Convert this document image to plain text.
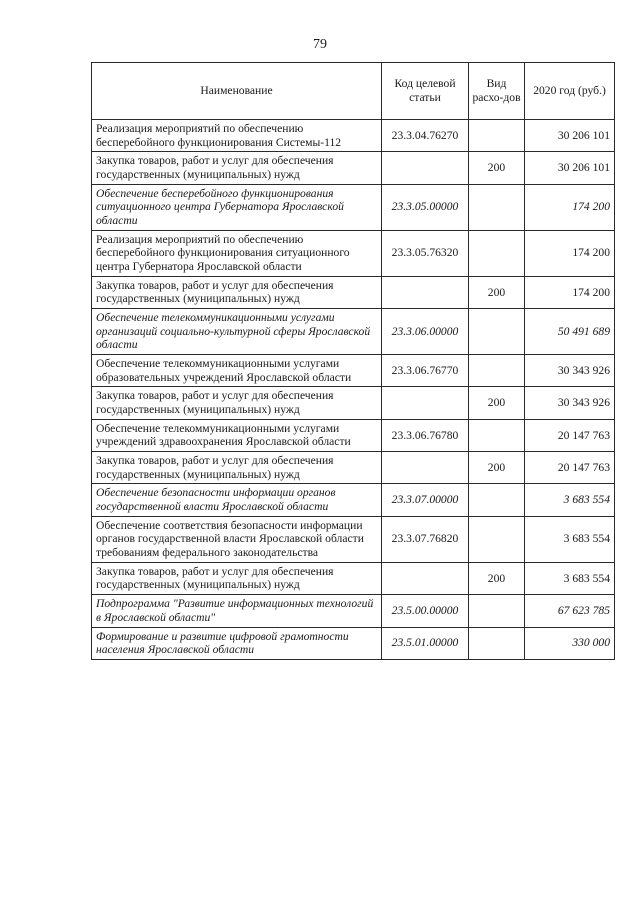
79
Наименование	Код целевой статьи	Вид расхо-дов	2020 год (руб.)
Реализация мероприятий по обеспечению бесперебойного функционирования Системы-112	23.3.04.76270		30 206 101
Закупка товаров, работ и услуг для обеспечения государственных (муниципальных) нужд		200	30 206 101
Обеспечение бесперебойного функционирования ситуационного центра Губернатора Ярославской области	23.3.05.00000		174 200
Реализация мероприятий по обеспечению бесперебойного функционирования ситуационного центра Губернатора Ярославской области	23.3.05.76320		174 200
Закупка товаров, работ и услуг для обеспечения государственных (муниципальных) нужд		200	174 200
Обеспечение телекоммуникационными услугами организаций социально-культурной сферы Ярославской области	23.3.06.00000		50 491 689
Обеспечение телекоммуникационными услугами образовательных учреждений Ярославской области	23.3.06.76770		30 343 926
Закупка товаров, работ и услуг для обеспечения государственных (муниципальных) нужд		200	30 343 926
Обеспечение телекоммуникационными услугами учреждений здравоохранения Ярославской области	23.3.06.76780		20 147 763
Закупка товаров, работ и услуг для обеспечения государственных (муниципальных) нужд		200	20 147 763
Обеспечение безопасности информации органов государственной власти Ярославской области	23.3.07.00000		3 683 554
Обеспечение соответствия безопасности информации органов государственной власти Ярославской области требованиям федерального законодательства	23.3.07.76820		3 683 554
Закупка товаров, работ и услуг для обеспечения государственных (муниципальных) нужд		200	3 683 554
Подпрограмма "Развитие информационных технологий в Ярославской области"	23.5.00.00000		67 623 785
Формирование и развитие цифровой грамотности населения Ярославской области	23.5.01.00000		330 000
